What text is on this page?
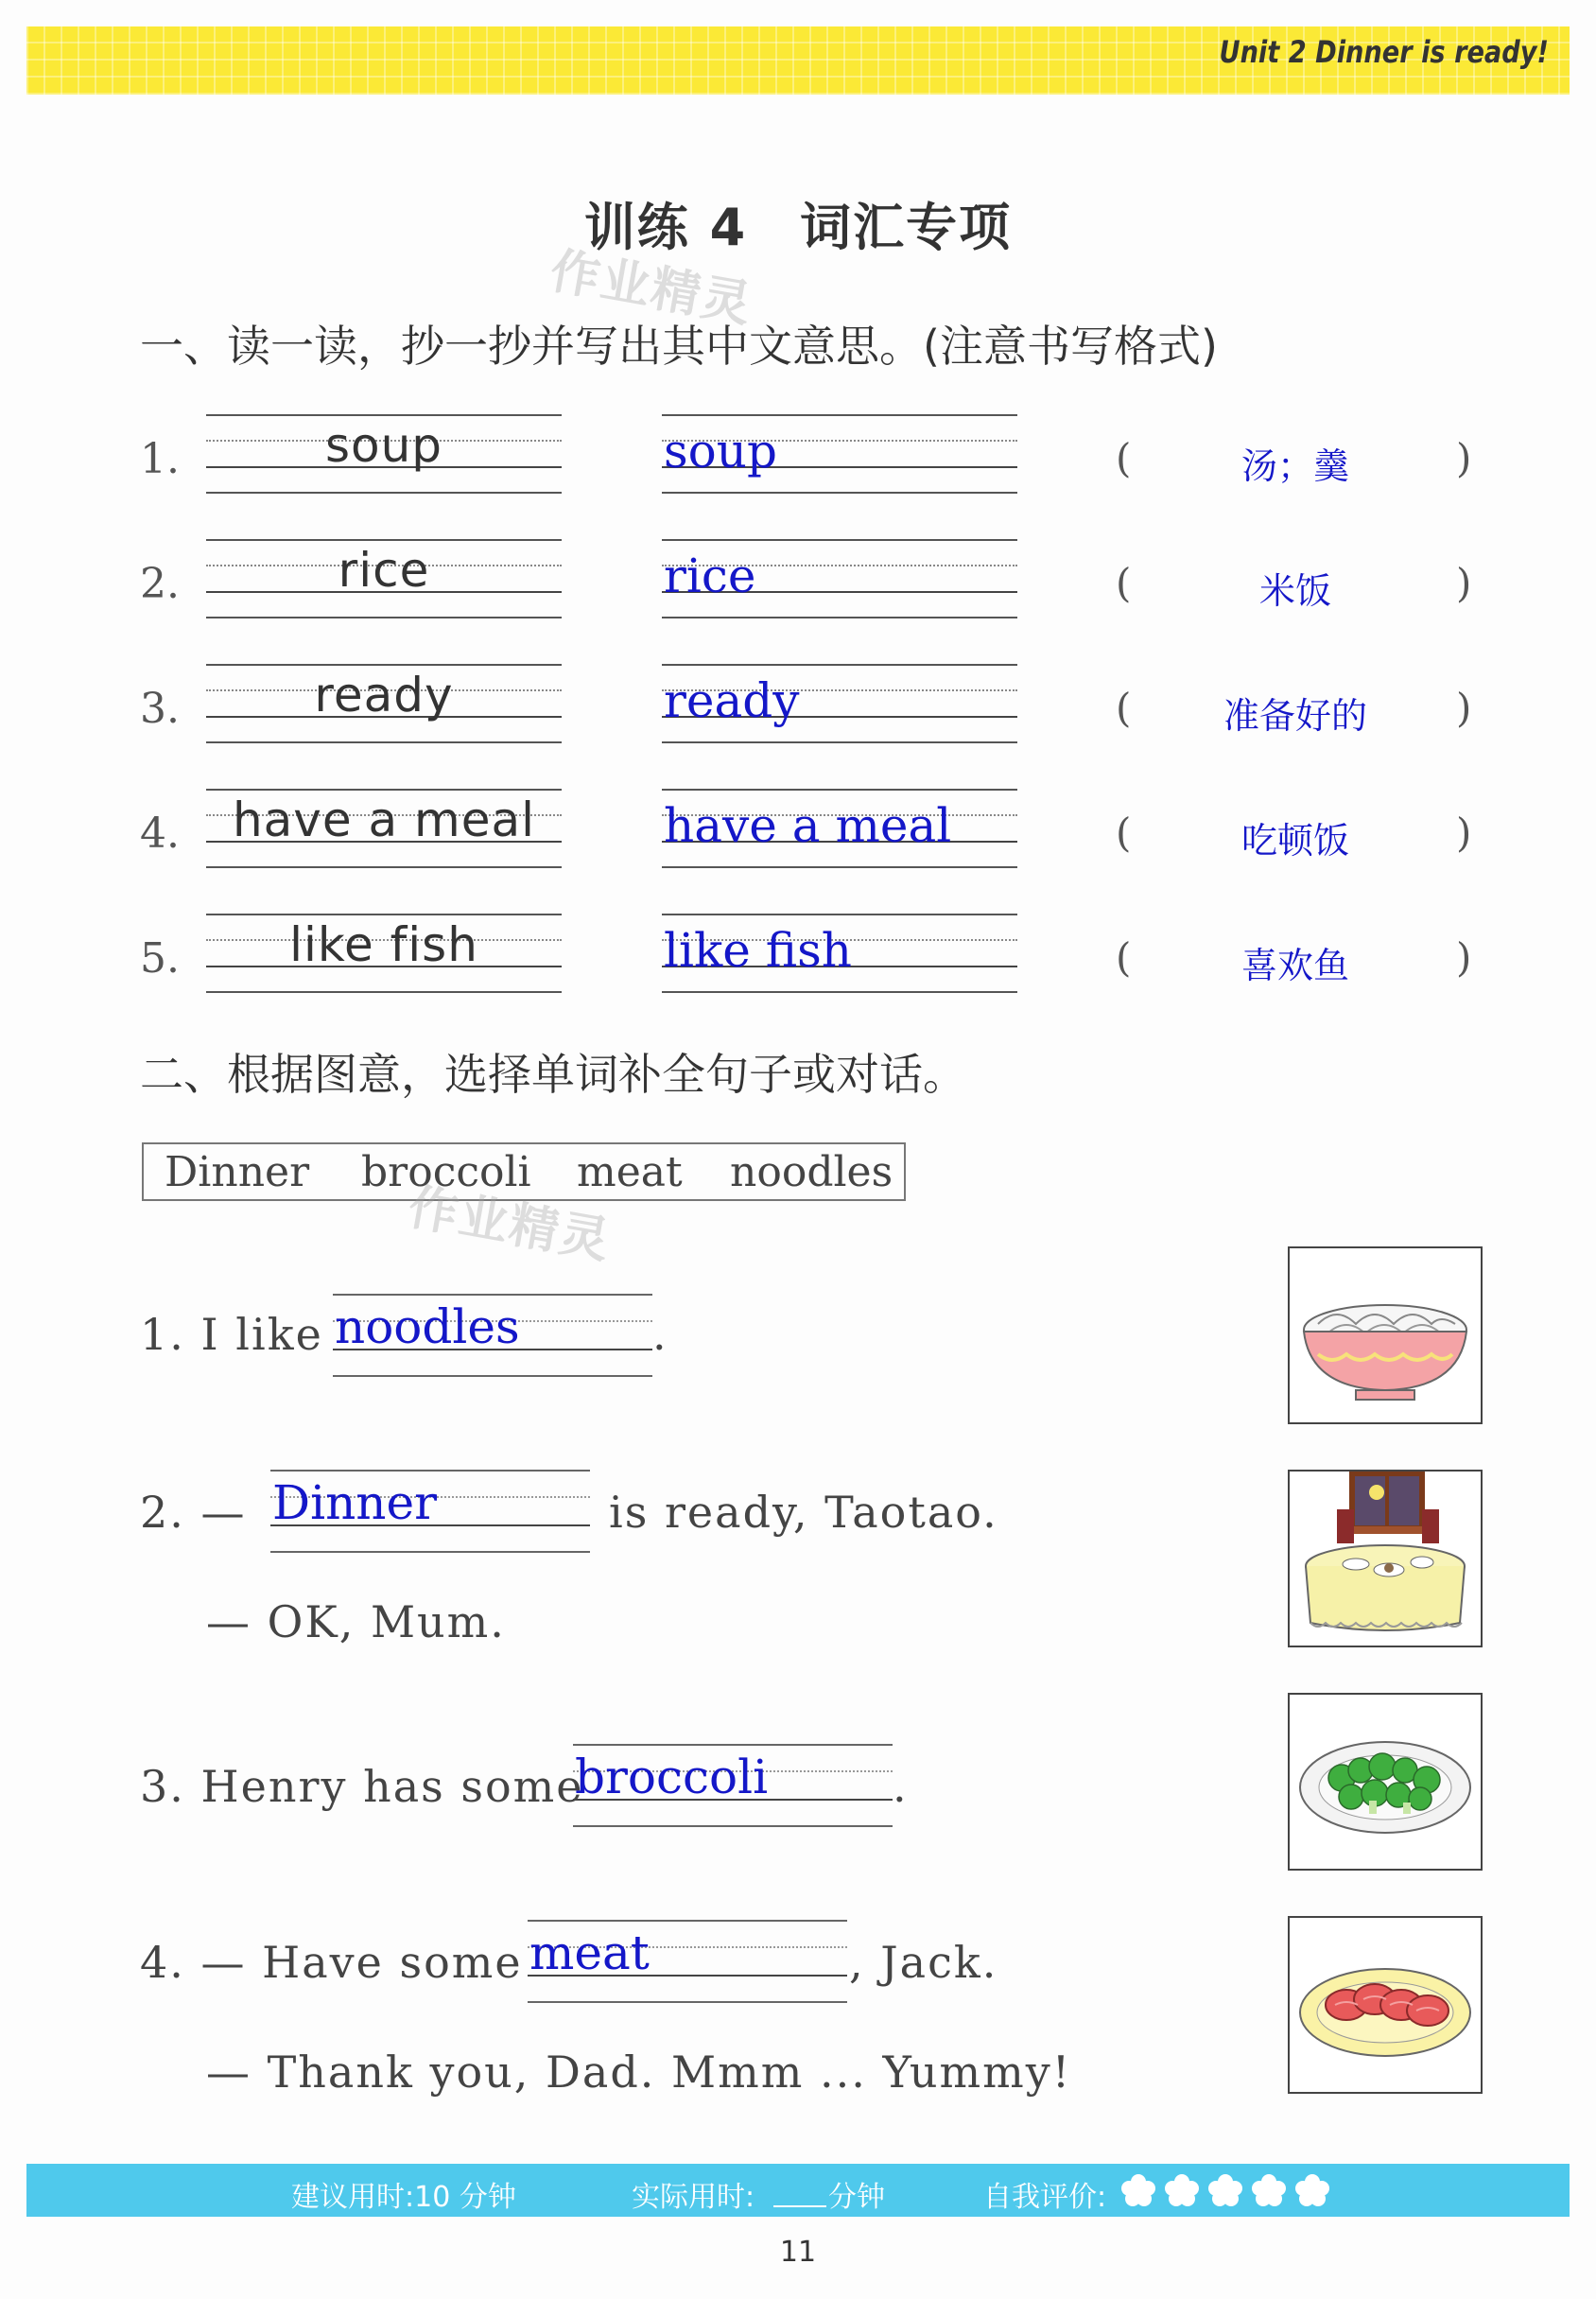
Unit 2 Dinner is ready!
训练 4　词汇专项
作业精灵
一、读一读，抄一抄并写出其中文意思。(注意书写格式)
1.	soup	soup	(	汤；羹	)
2.	rice	rice	(	米饭	)
3.	ready	ready	(	准备好的	)
4.	have a meal	have a meal	(	吃顿饭	)
5.	like fish	like fish	(	喜欢鱼	)
二、根据图意，选择单词补全句子或对话。
Dinner broccoli meat noodles
作业精灵
1. I like noodles	.
2. — Dinner	is ready, Taotao.
— OK, Mum.
3. Henry has some
broccoli	.
4. — Have some meat	, Jack.
— Thank you, Dad. Mmm ... Yummy!
建议用时:10 分钟	实际用时:	分钟	自我评价:
11
